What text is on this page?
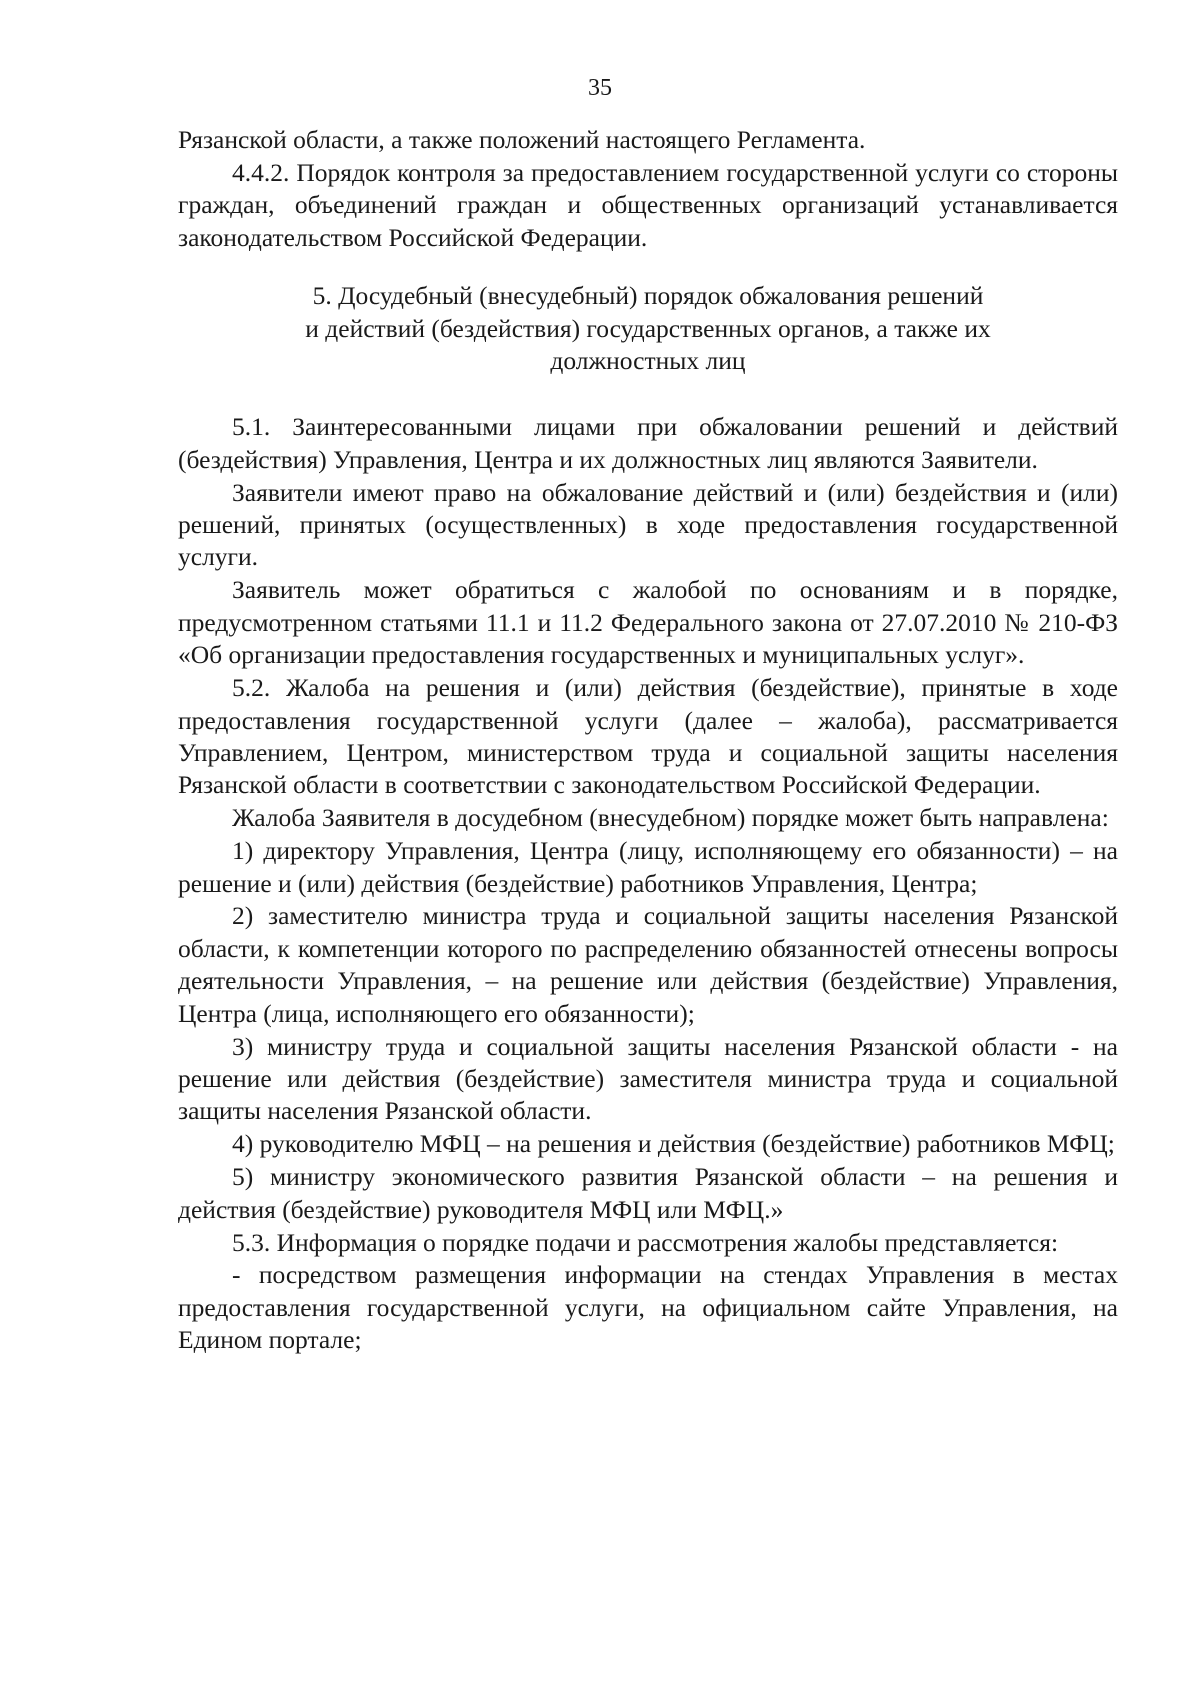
35

Рязанской области, а также положений настоящего Регламента.

4.4.2. Порядок контроля за предоставлением государственной услуги со стороны граждан, объединений граждан и общественных организаций устанавливается законодательством Российской Федерации.

5. Досудебный (внесудебный) порядок обжалования решений
и действий (бездействия) государственных органов, а также их
должностных лиц

5.1. Заинтересованными лицами при обжаловании решений и действий (бездействия) Управления, Центра и их должностных лиц являются Заявители.

Заявители имеют право на обжалование действий и (или) бездействия и (или) решений, принятых (осуществленных) в ходе предоставления государственной услуги.

Заявитель может обратиться с жалобой по основаниям и в порядке, предусмотренном статьями 11.1 и 11.2 Федерального закона от 27.07.2010 № 210-ФЗ «Об организации предоставления государственных и муниципальных услуг».

5.2. Жалоба на решения и (или) действия (бездействие), принятые в ходе предоставления государственной услуги (далее – жалоба), рассматривается Управлением, Центром, министерством труда и социальной защиты населения Рязанской области в соответствии с законодательством Российской Федерации.

Жалоба Заявителя в досудебном (внесудебном) порядке может быть направлена:

1) директору Управления, Центра (лицу, исполняющему его обязанности) – на решение и (или) действия (бездействие) работников Управления, Центра;

2) заместителю министра труда и социальной защиты населения Рязанской области, к компетенции которого по распределению обязанностей отнесены вопросы деятельности Управления, – на решение или действия (бездействие) Управления, Центра (лица, исполняющего его обязанности);

3) министру труда и социальной защиты населения Рязанской области - на решение или действия (бездействие) заместителя министра труда и социальной защиты населения Рязанской области.

4) руководителю МФЦ – на решения и действия (бездействие) работников МФЦ;

5) министру экономического развития Рязанской области – на решения и действия (бездействие) руководителя МФЦ или МФЦ.»

5.3. Информация о порядке подачи и рассмотрения жалобы представляется:

- посредством размещения информации на стендах Управления в местах предоставления государственной услуги, на официальном сайте Управления, на Едином портале;
